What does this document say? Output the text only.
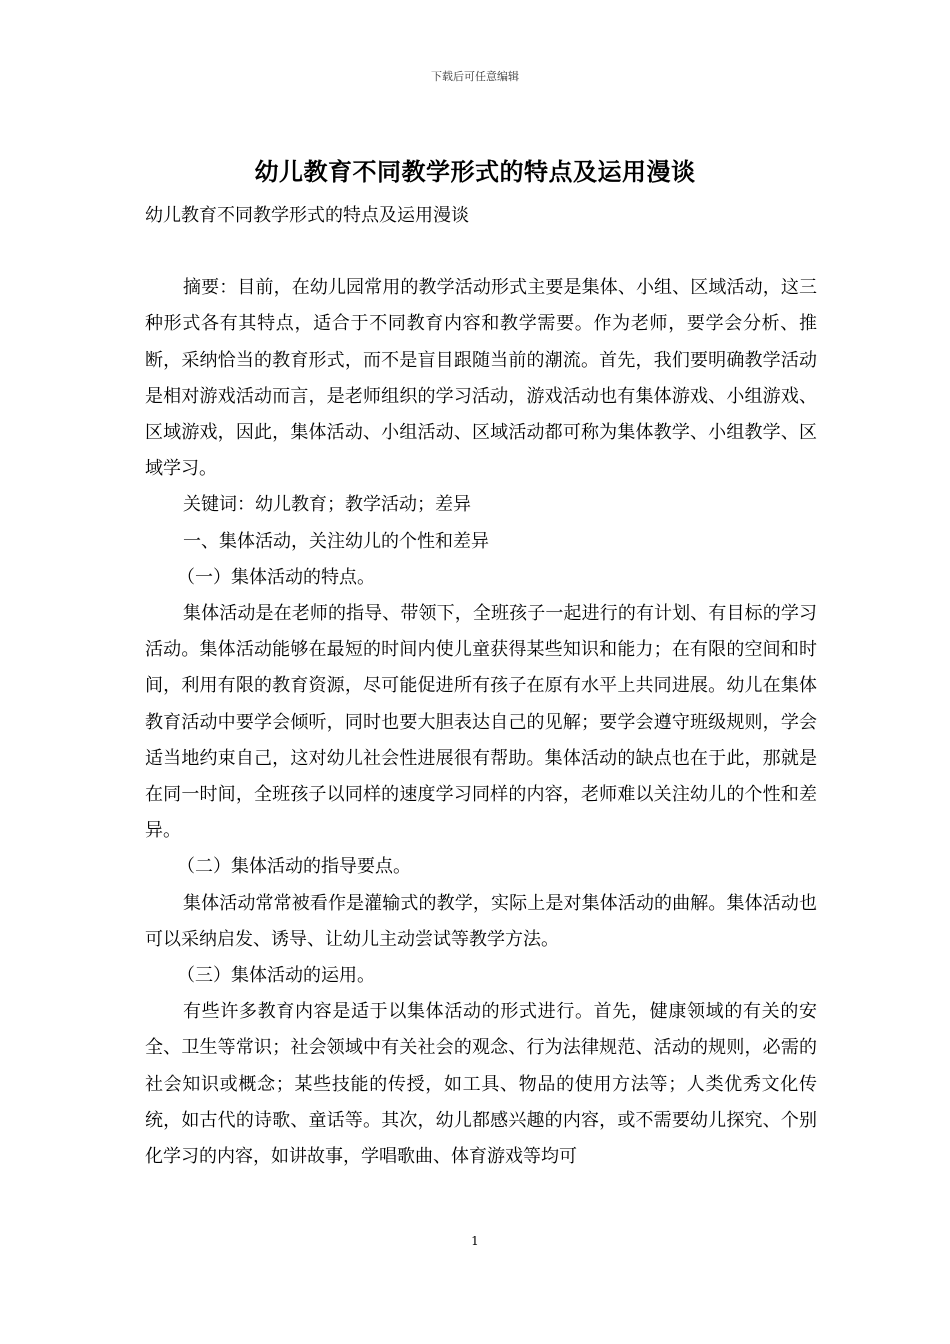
下载后可任意编辑
幼儿教育不同教学形式的特点及运用漫谈

幼儿教育不同教学形式的特点及运用漫谈

摘要：目前，在幼儿园常用的教学活动形式主要是集体、小组、区域活动，这三种形式各有其特点，适合于不同教育内容和教学需要。作为老师，要学会分析、推断，采纳恰当的教育形式，而不是盲目跟随当前的潮流。首先，我们要明确教学活动是相对游戏活动而言，是老师组织的学习活动，游戏活动也有集体游戏、小组游戏、区域游戏，因此，集体活动、小组活动、区域活动都可称为集体教学、小组教学、区域学习。

关键词：幼儿教育；教学活动；差异

一、集体活动，关注幼儿的个性和差异

（一）集体活动的特点。

集体活动是在老师的指导、带领下，全班孩子一起进行的有计划、有目标的学习活动。集体活动能够在最短的时间内使儿童获得某些知识和能力；在有限的空间和时间，利用有限的教育资源，尽可能促进所有孩子在原有水平上共同进展。幼儿在集体教育活动中要学会倾听，同时也要大胆表达自己的见解；要学会遵守班级规则，学会适当地约束自己，这对幼儿社会性进展很有帮助。集体活动的缺点也在于此，那就是在同一时间，全班孩子以同样的速度学习同样的内容，老师难以关注幼儿的个性和差异。

（二）集体活动的指导要点。

集体活动常常被看作是灌输式的教学，实际上是对集体活动的曲解。集体活动也可以采纳启发、诱导、让幼儿主动尝试等教学方法。

（三）集体活动的运用。

有些许多教育内容是适于以集体活动的形式进行。首先，健康领域的有关的安全、卫生等常识；社会领域中有关社会的观念、行为法律规范、活动的规则，必需的社会知识或概念；某些技能的传授，如工具、物品的使用方法等；人类优秀文化传统，如古代的诗歌、童话等。其次，幼儿都感兴趣的内容，或不需要幼儿探究、个别化学习的内容，如讲故事，学唱歌曲、体育游戏等均可

1
